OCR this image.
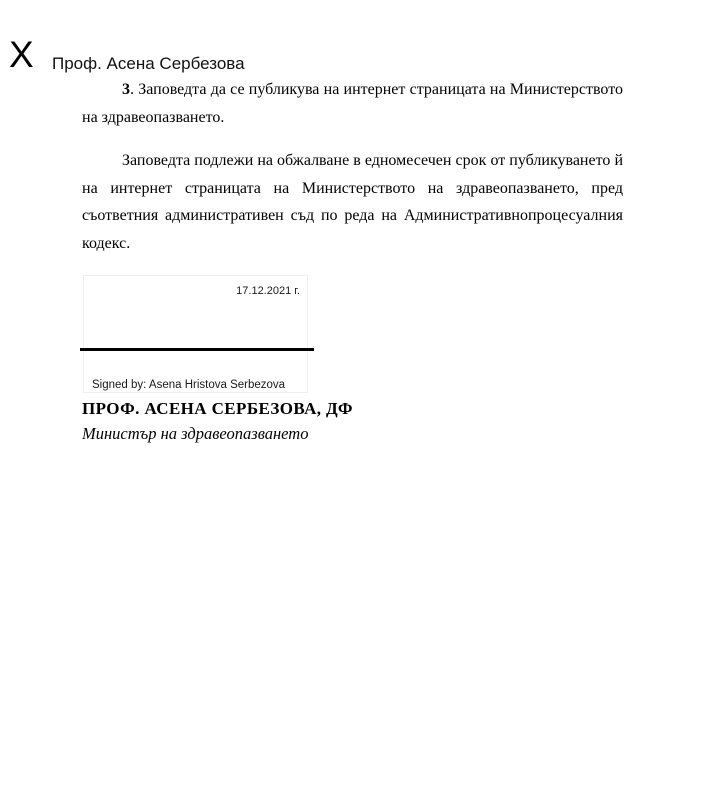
3. Заповедта да се публикува на интернет страницата на Министерството на здравеопазването.

Заповедта подлежи на обжалване в едномесечен срок от публикуването й на интернет страницата на Министерството на здравеопазването, пред съответния административен съд по реда на Административнопроцесуалния кодекс.

17.12.2021 г.
X Проф. Асена Сербезова
Signed by: Asena Hristova Serbezova
ПРОФ. АСЕНА СЕРБЕЗОВА, ДФ
Министър на здравеопазването
